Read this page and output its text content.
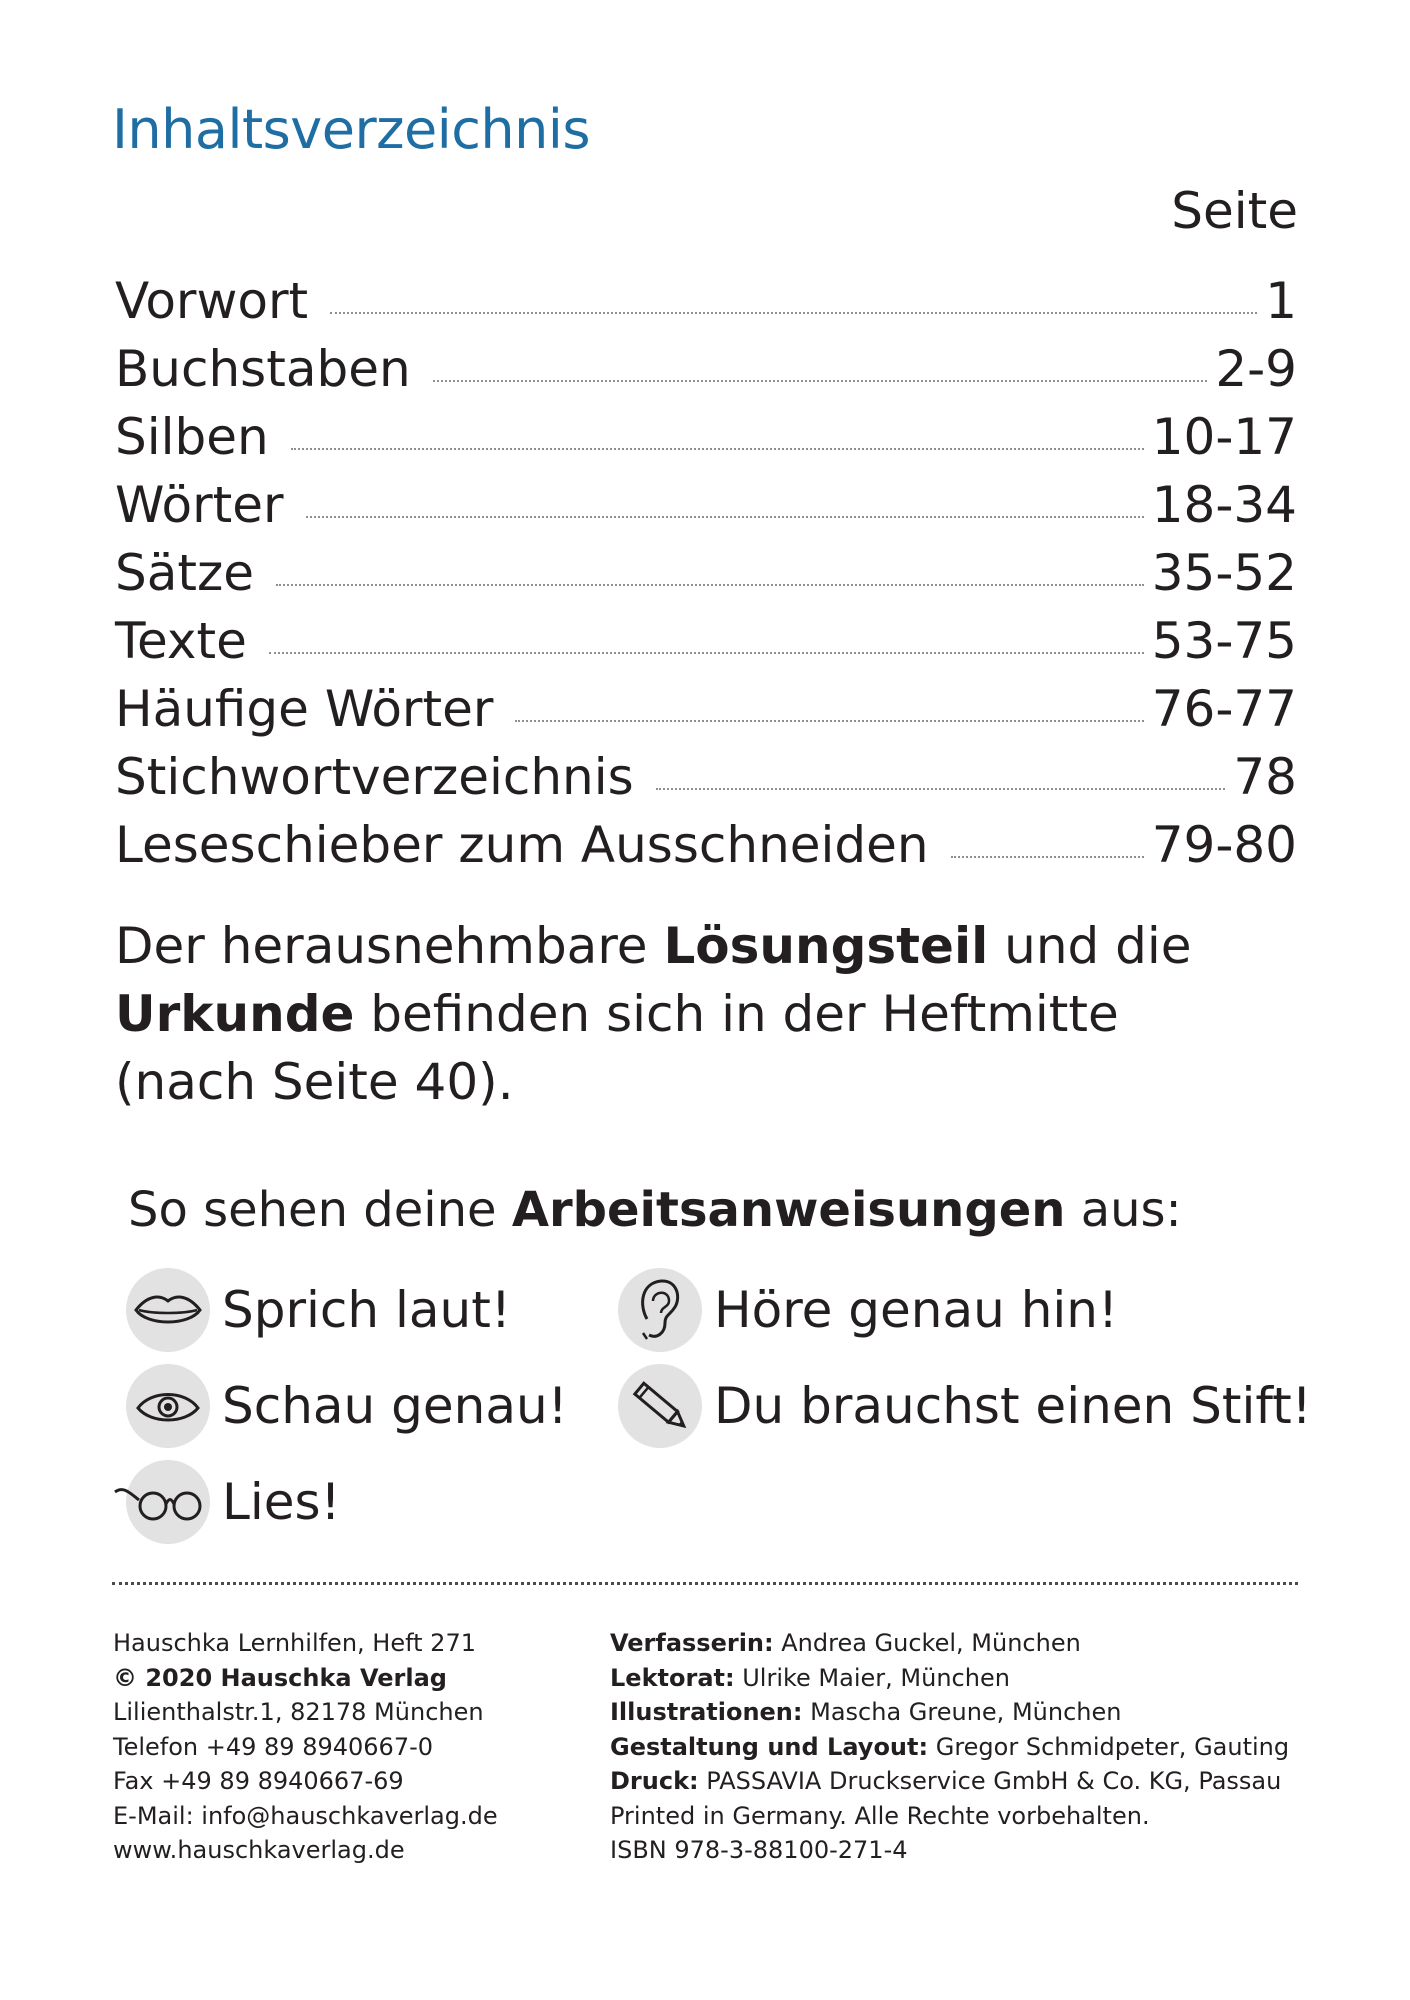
Inhaltsverzeichnis
Seite
Vorwort	1
Buchstaben	2-9
Silben	10-17
Wörter	18-34
Sätze	35-52
Texte	53-75
Häufige Wörter	76-77
Stichwortverzeichnis	78
Leseschieber zum Ausschneiden	79-80

Der herausnehmbare Lösungsteil und die Urkunde befinden sich in der Heftmitte (nach Seite 40).

So sehen deine Arbeitsanweisungen aus:

Sprich laut!	Höre genau hin!
Schau genau!	Du brauchst einen Stift!
Lies!
Hauschka Lernhilfen, Heft 271
© 2020 Hauschka Verlag
Lilienthalstr.1, 82178 München
Telefon +49 89 8940667-0
Fax +49 89 8940667-69
E-Mail: info@hauschkaverlag.de
www.hauschkaverlag.de
Verfasserin: Andrea Guckel, München
Lektorat: Ulrike Maier, München
Illustrationen: Mascha Greune, München
Gestaltung und Layout: Gregor Schmidpeter, Gauting
Druck: PASSAVIA Druckservice GmbH & Co. KG, Passau
Printed in Germany. Alle Rechte vorbehalten.
ISBN 978-3-88100-271-4
